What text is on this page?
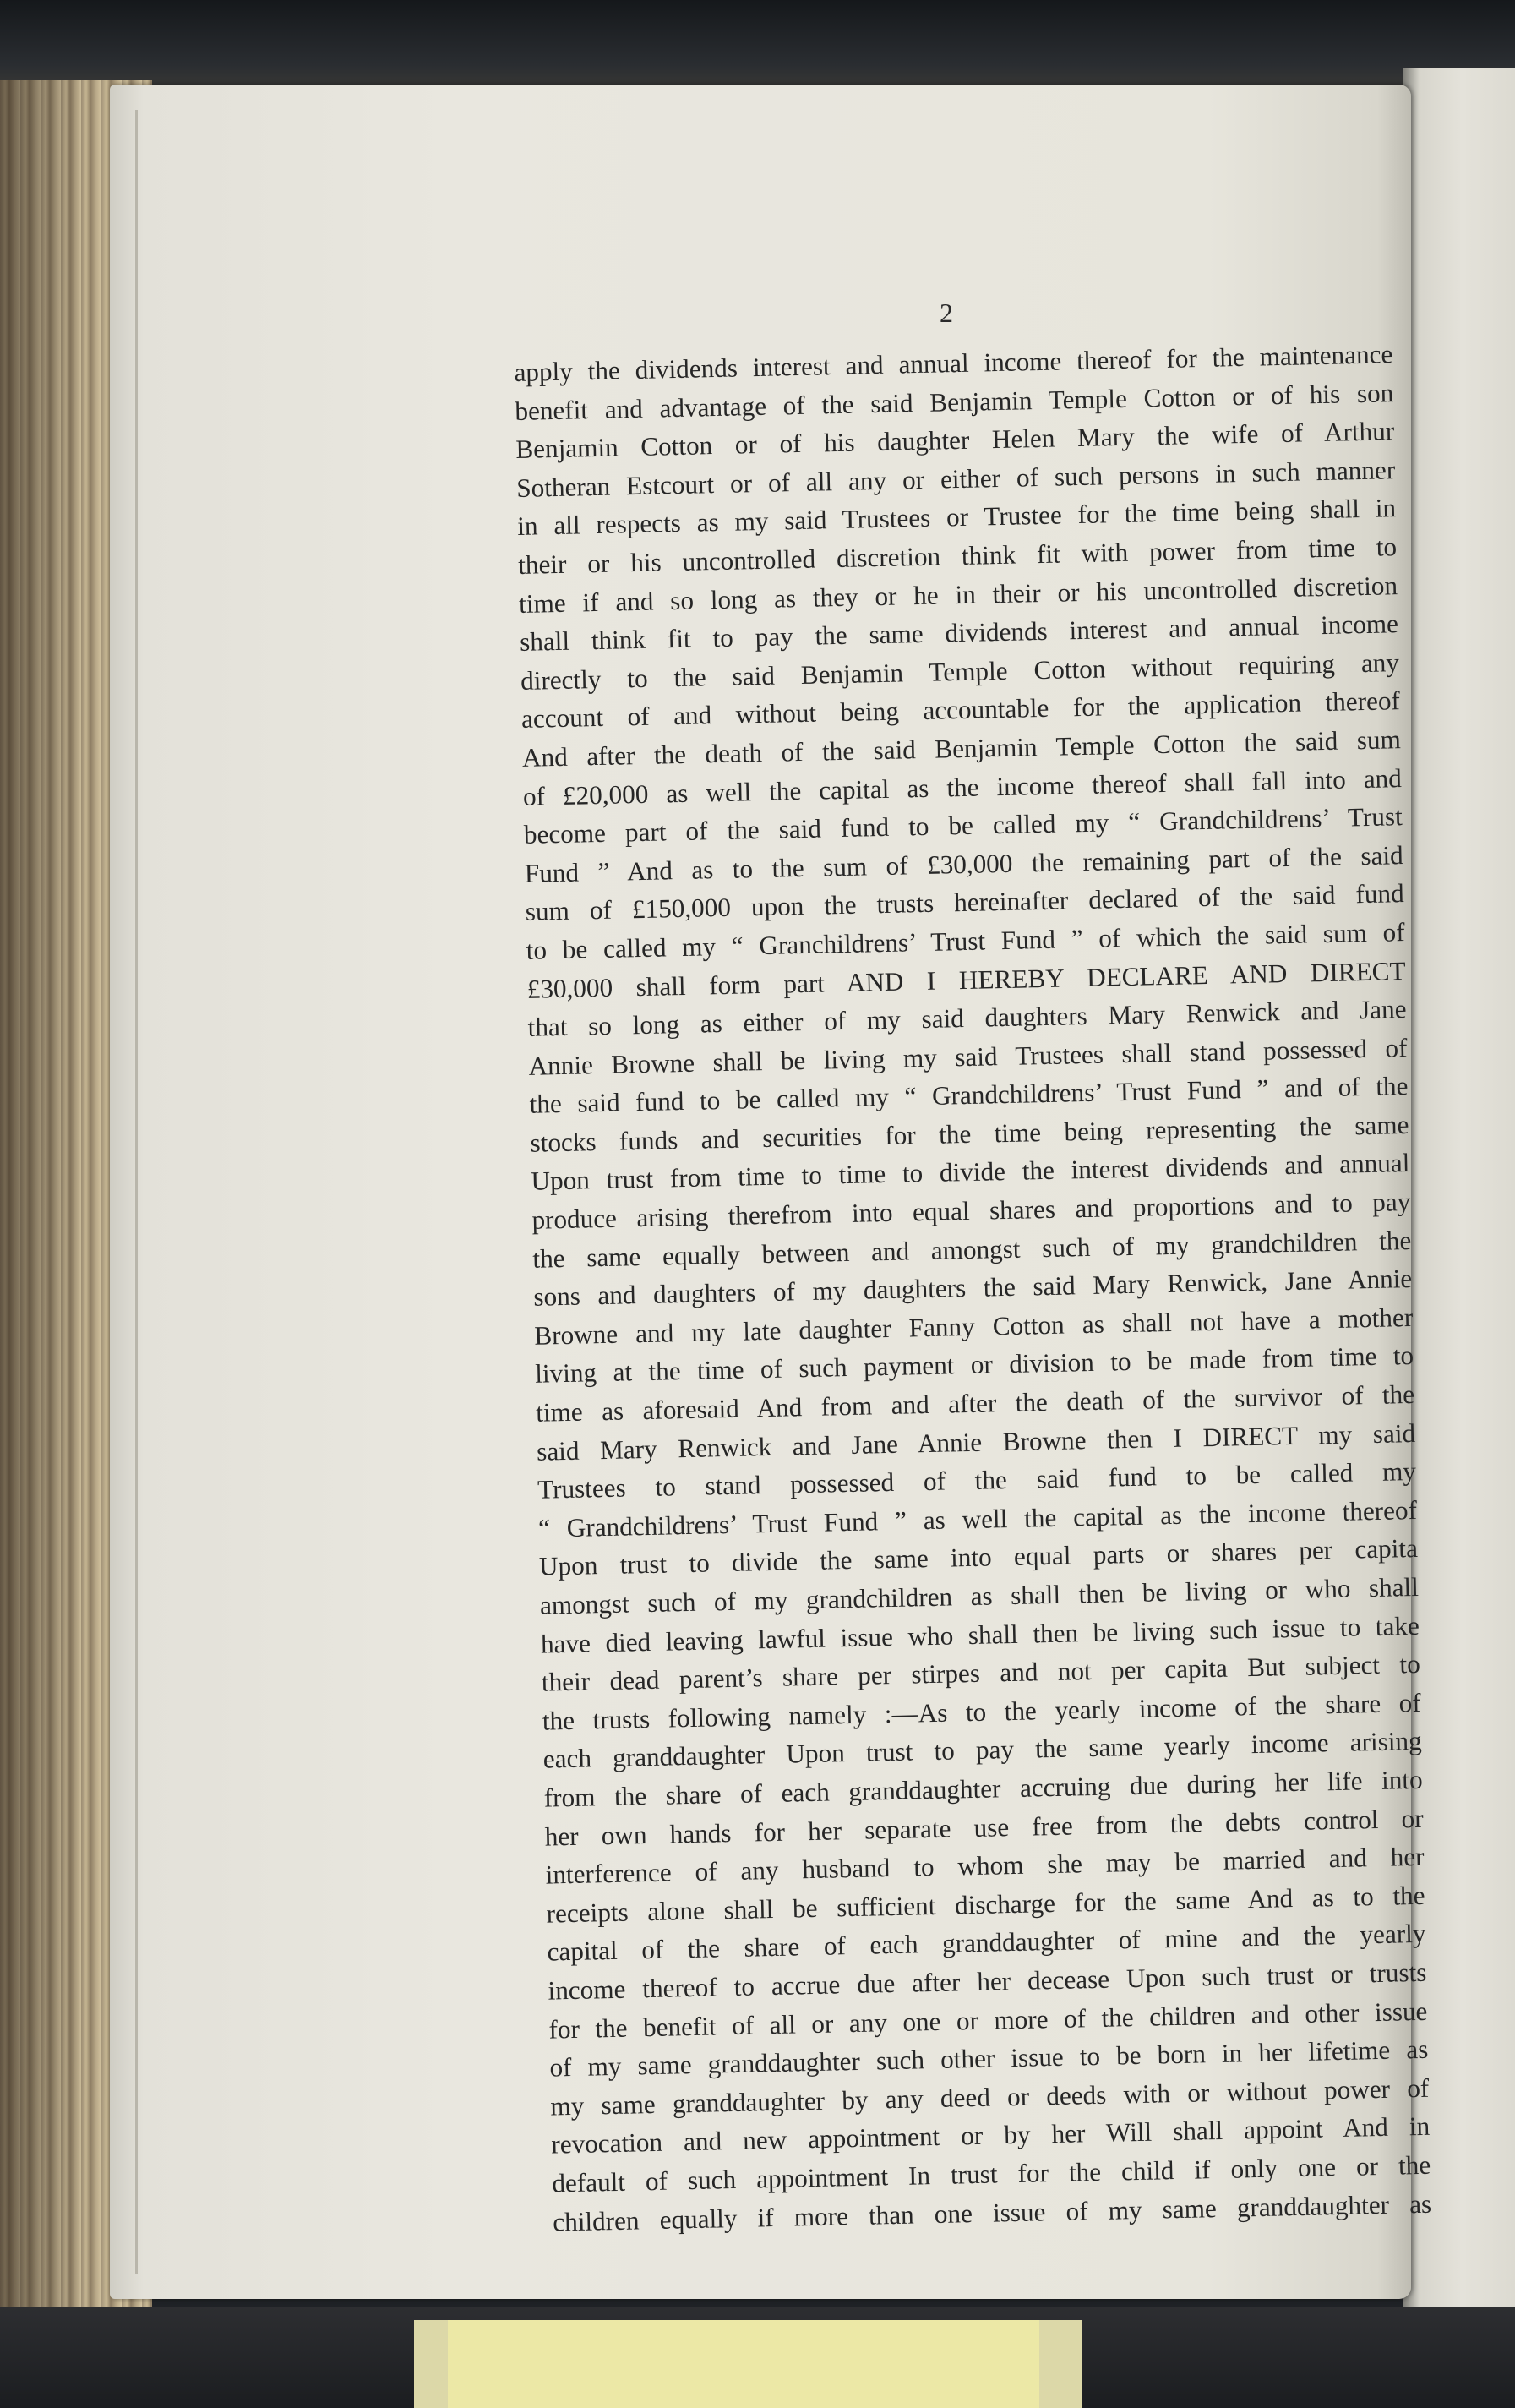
2
apply the dividends interest and annual income thereof for the maintenance
benefit and advantage of the said Benjamin Temple Cotton or of his son
Benjamin Cotton or of his daughter Helen Mary the wife of Arthur
Sotheran Estcourt or of all any or either of such persons in such manner
in all respects as my said Trustees or Trustee for the time being shall in
their or his uncontrolled discretion think fit with power from time to
time if and so long as they or he in their or his uncontrolled discretion
shall think fit to pay the same dividends interest and annual income
directly to the said Benjamin Temple Cotton without requiring any
account of and without being accountable for the application thereof
And after the death of the said Benjamin Temple Cotton the said sum
of £20,000 as well the capital as the income thereof shall fall into and
become part of the said fund to be called my “ Grandchildrens’ Trust
Fund ” And as to the sum of £30,000 the remaining part of the said
sum of £150,000 upon the trusts hereinafter declared of the said fund
to be called my “ Granchildrens’ Trust Fund ” of which the said sum of
£30,000 shall form part AND I HEREBY DECLARE AND DIRECT
that so long as either of my said daughters Mary Renwick and Jane
Annie Browne shall be living my said Trustees shall stand possessed of
the said fund to be called my “ Grandchildrens’ Trust Fund ” and of the
stocks funds and securities for the time being representing the same
Upon trust from time to time to divide the interest dividends and annual
produce arising therefrom into equal shares and proportions and to pay
the same equally between and amongst such of my grandchildren the
sons and daughters of my daughters the said Mary Renwick, Jane Annie
Browne and my late daughter Fanny Cotton as shall not have a mother
living at the time of such payment or division to be made from time to
time as aforesaid And from and after the death of the survivor of the
said Mary Renwick and Jane Annie Browne then I DIRECT my said
Trustees to stand possessed of the said fund to be called my
“ Grandchildrens’ Trust Fund ” as well the capital as the income thereof
Upon trust to divide the same into equal parts or shares per capita
amongst such of my grandchildren as shall then be living or who shall
have died leaving lawful issue who shall then be living such issue to take
their dead parent’s share per stirpes and not per capita But subject to
the trusts following namely :—As to the yearly income of the share of
each granddaughter Upon trust to pay the same yearly income arising
from the share of each granddaughter accruing due during her life into
her own hands for her separate use free from the debts control or
interference of any husband to whom she may be married and her
receipts alone shall be sufficient discharge for the same And as to the
capital of the share of each granddaughter of mine and the yearly
income thereof to accrue due after her decease Upon such trust or trusts
for the benefit of all or any one or more of the children and other issue
of my same granddaughter such other issue to be born in her lifetime as
my same granddaughter by any deed or deeds with or without power of
revocation and new appointment or by her Will shall appoint And in
default of such appointment In trust for the child if only one or the
children equally if more than one issue of my same granddaughter as
